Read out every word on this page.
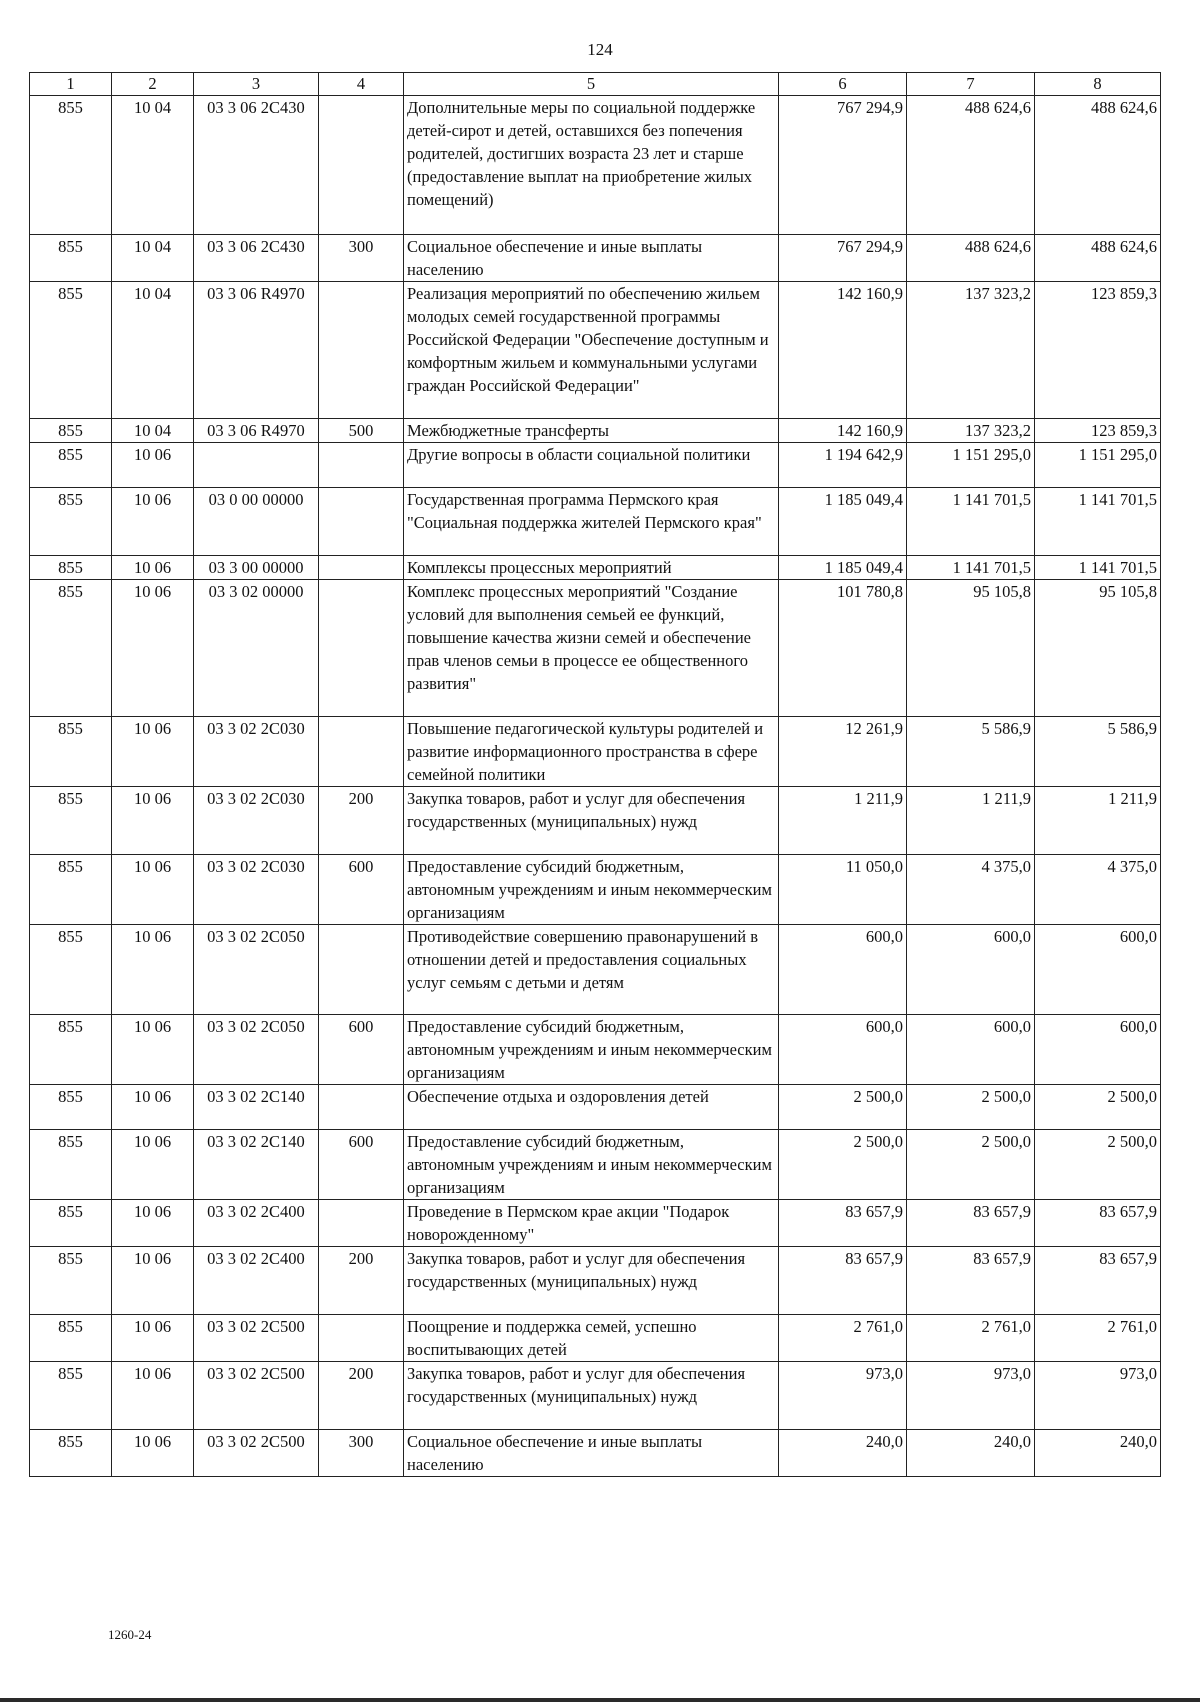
124
1	2	3	4	5	6	7	8
855	10 04	03 3 06 2С430		Дополнительные меры по социальной поддержке детей-сирот и детей, оставшихся без попечения родителей, достигших возраста 23 лет и старше (предоставление выплат на приобретение жилых помещений)	767 294,9	488 624,6	488 624,6
855	10 04	03 3 06 2С430	300	Социальное обеспечение и иные выплаты населению	767 294,9	488 624,6	488 624,6
855	10 04	03 3 06 R4970		Реализация мероприятий по обеспечению жильем молодых семей государственной программы Российской Федерации "Обеспечение доступным и комфортным жильем и коммунальными услугами граждан Российской Федерации"	142 160,9	137 323,2	123 859,3
855	10 04	03 3 06 R4970	500	Межбюджетные трансферты	142 160,9	137 323,2	123 859,3
855	10 06			Другие вопросы в области социальной политики	1 194 642,9	1 151 295,0	1 151 295,0
855	10 06	03 0 00 00000		Государственная программа Пермского края "Социальная поддержка жителей Пермского края"	1 185 049,4	1 141 701,5	1 141 701,5
855	10 06	03 3 00 00000		Комплексы процессных мероприятий	1 185 049,4	1 141 701,5	1 141 701,5
855	10 06	03 3 02 00000		Комплекс процессных мероприятий "Создание условий для выполнения семьей ее функций, повышение качества жизни семей и обеспечение прав членов семьи в процессе ее общественного развития"	101 780,8	95 105,8	95 105,8
855	10 06	03 3 02 2С030		Повышение педагогической культуры родителей и развитие информационного пространства в сфере семейной политики	12 261,9	5 586,9	5 586,9
855	10 06	03 3 02 2С030	200	Закупка товаров, работ и услуг для обеспечения государственных (муниципальных) нужд	1 211,9	1 211,9	1 211,9
855	10 06	03 3 02 2С030	600	Предоставление субсидий бюджетным, автономным учреждениям и иным некоммерческим организациям	11 050,0	4 375,0	4 375,0
855	10 06	03 3 02 2С050		Противодействие совершению правонарушений в отношении детей и предоставления социальных услуг семьям с детьми и детям	600,0	600,0	600,0
855	10 06	03 3 02 2С050	600	Предоставление субсидий бюджетным, автономным учреждениям и иным некоммерческим организациям	600,0	600,0	600,0
855	10 06	03 3 02 2С140		Обеспечение отдыха и оздоровления детей	2 500,0	2 500,0	2 500,0
855	10 06	03 3 02 2С140	600	Предоставление субсидий бюджетным, автономным учреждениям и иным некоммерческим организациям	2 500,0	2 500,0	2 500,0
855	10 06	03 3 02 2С400		Проведение в Пермском крае акции "Подарок новорожденному"	83 657,9	83 657,9	83 657,9
855	10 06	03 3 02 2С400	200	Закупка товаров, работ и услуг для обеспечения государственных (муниципальных) нужд	83 657,9	83 657,9	83 657,9
855	10 06	03 3 02 2С500		Поощрение и поддержка семей, успешно воспитывающих детей	2 761,0	2 761,0	2 761,0
855	10 06	03 3 02 2С500	200	Закупка товаров, работ и услуг для обеспечения государственных (муниципальных) нужд	973,0	973,0	973,0
855	10 06	03 3 02 2С500	300	Социальное обеспечение и иные выплаты населению	240,0	240,0	240,0
1260-24
